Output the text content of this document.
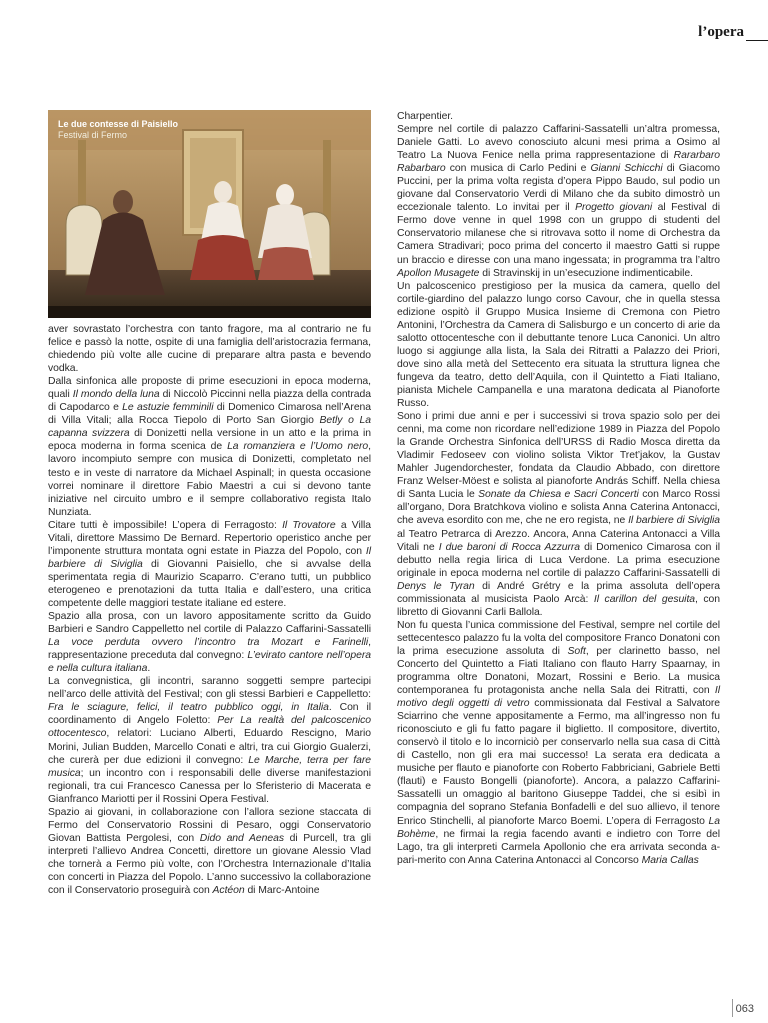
l’opera
Le due contesse di Paisiello
Festival di Fermo

aver sovrastato l’orchestra con tanto fragore, ma al contrario ne fu felice e passò la notte, ospite di una famiglia dell’aristocrazia fermana, chiedendo più volte alle cucine di preparare altra pasta e bevendo vodka.

Dalla sinfonica alle proposte di prime esecuzioni in epoca moderna, quali Il mondo della luna di Niccolò Piccinni nella piazza della contrada di Capodarco e Le astuzie femminili di Domenico Cimarosa nell’Arena di Villa Vitali; alla Rocca Tiepolo di Porto San Giorgio Betly o La capanna svizzera di Donizetti nella versione in un atto e la prima in epoca moderna in forma scenica de La romanziera e l’Uomo nero, lavoro incompiuto sempre con musica di Donizetti, completato nel testo e in veste di narratore da Michael Aspinall; in questa occasione vorrei nominare il direttore Fabio Maestri a cui si devono tante iniziative nel circuito umbro e il sempre collaborativo regista Italo Nunziata.

Citare tutti è impossibile! L’opera di Ferragosto: Il Trovatore a Villa Vitali, direttore Massimo De Bernard. Repertorio operistico anche per l’imponente struttura montata ogni estate in Piazza del Popolo, con Il barbiere di Siviglia di Giovanni Paisiello, che si avvalse della sperimentata regia di Maurizio Scaparro. C’erano tutti, un pubblico eterogeneo e prenotazioni da tutta Italia e dall’estero, una critica competente delle maggiori testate italiane ed estere.

Spazio alla prosa, con un lavoro appositamente scritto da Guido Barbieri e Sandro Cappelletto nel cortile di Palazzo Caffarini-Sassatelli La voce perduta ovvero l’incontro tra Mozart e Farinelli, rappresentazione preceduta dal convegno: L’evirato cantore nell’opera e nella cultura italiana.

La convegnistica, gli incontri, saranno soggetti sempre partecipi nell’arco delle attività del Festival; con gli stessi Barbieri e Cappelletto: Fra le sciagure, felici, il teatro pubblico oggi, in Italia. Con il coordinamento di Angelo Foletto: Per La realtà del palcoscenico ottocentesco, relatori: Luciano Alberti, Eduardo Rescigno, Mario Morini, Julian Budden, Marcello Conati e altri, tra cui Giorgio Gualerzi, che curerà per due edizioni il convegno: Le Marche, terra per fare musica; un incontro con i responsabili delle diverse manifestazioni regionali, tra cui Francesco Canessa per lo Sferisterio di Macerata e Gianfranco Mariotti per il Rossini Opera Festival.

Spazio ai giovani, in collaborazione con l’allora sezione staccata di Fermo del Conservatorio Rossini di Pesaro, oggi Conservatorio Giovan Battista Pergolesi, con Dido and Aeneas di Purcell, tra gli interpreti l’allievo Andrea Concetti, direttore un giovane Alessio Vlad che tornerà a Fermo più volte, con l’Orchestra Internazionale d’Italia con concerti in Piazza del Popolo. L’anno successivo la collaborazione con il Conservatorio proseguirà con Actéon di Marc-Antoine

Charpentier.

Sempre nel cortile di palazzo Caffarini-Sassatelli un’altra promessa, Daniele Gatti. Lo avevo conosciuto alcuni mesi prima a Osimo al Teatro La Nuova Fenice nella prima rappresentazione di Rararbaro Rabarbaro con musica di Carlo Pedini e Gianni Schicchi di Giacomo Puccini, per la prima volta regista d’opera Pippo Baudo, sul podio un giovane dal Conservatorio Verdi di Milano che da subito dimostrò un eccezionale talento. Lo invitai per il Progetto giovani al Festival di Fermo dove venne in quel 1998 con un gruppo di studenti del Conservatorio milanese che si ritrovava sotto il nome di Orchestra da Camera Stradivari; poco prima del concerto il maestro Gatti si ruppe un braccio e diresse con una mano ingessata; in programma tra l’altro Apollon Musagete di Stravinskij in un’esecuzione indimenticabile.

Un palcoscenico prestigioso per la musica da camera, quello del cortile-giardino del palazzo lungo corso Cavour, che in quella stessa edizione ospitò il Gruppo Musica Insieme di Cremona con Pietro Antonini, l’Orchestra da Camera di Salisburgo e un concerto di arie da salotto ottocentesche con il debuttante tenore Luca Canonici. Un altro luogo si aggiunge alla lista, la Sala dei Ritratti a Palazzo dei Priori, dove sino alla metà del Settecento era situata la struttura lignea che fungeva da teatro, detto dell’Aquila, con il Quintetto a Fiati Italiano, pianista Michele Campanella e una maratona dedicata al Pianoforte Russo.

Sono i primi due anni e per i successivi si trova spazio solo per dei cenni, ma come non ricordare nell’edizione 1989 in Piazza del Popolo la Grande Orchestra Sinfonica dell’URSS di Radio Mosca diretta da Vladimir Fedoseev con violino solista Viktor Tret’jakov, la Gustav Mahler Jugendorchester, fondata da Claudio Abbado, con direttore Franz Welser-Möest e solista al pianoforte András Schiff. Nella chiesa di Santa Lucia le Sonate da Chiesa e Sacri Concerti con Marco Rossi all’organo, Dora Bratchkova violino e solista Anna Caterina Antonacci, che aveva esordito con me, che ne ero regista, ne Il barbiere di Siviglia al Teatro Petrarca di Arezzo. Ancora, Anna Caterina Antonacci a Villa Vitali ne I due baroni di Rocca Azzurra di Domenico Cimarosa con il debutto nella regia lirica di Luca Verdone. La prima esecuzione originale in epoca moderna nel cortile di palazzo Caffarini-Sassatelli di Denys le Tyran di André Grétry e la prima assoluta dell’opera commissionata al musicista Paolo Arcà: Il carillon del gesuita, con libretto di Giovanni Carli Ballola.

Non fu questa l’unica commissione del Festival, sempre nel cortile del settecentesco palazzo fu la volta del compositore Franco Donatoni con la prima esecuzione assoluta di Soft, per clarinetto basso, nel Concerto del Quintetto a Fiati Italiano con flauto Harry Spaarnay, in programma oltre Donatoni, Mozart, Rossini e Berio. La musica contemporanea fu protagonista anche nella Sala dei Ritratti, con Il motivo degli oggetti di vetro commissionata dal Festival a Salvatore Sciarrino che venne appositamente a Fermo, ma all’ingresso non fu riconosciuto e gli fu fatto pagare il biglietto. Il compositore, divertito, conservò il titolo e lo incorniciò per conservarlo nella sua casa di Città di Castello, non gli era mai successo! La serata era dedicata a musiche per flauto e pianoforte con Roberto Fabbriciani, Gabriele Betti (flauti) e Fausto Bongelli (pianoforte). Ancora, a palazzo Caffarini-Sassatelli un omaggio al baritono Giuseppe Taddei, che si esibì in compagnia del soprano Stefania Bonfadelli e del suo allievo, il tenore Enrico Stinchelli, al pianoforte Marco Boemi. L’opera di Ferragosto La Bohème, ne firmai la regia facendo avanti e indietro con Torre del Lago, tra gli interpreti Carmela Apollonio che era arrivata seconda a-pari-merito con Anna Caterina Antonacci al Concorso Maria Callas

063
